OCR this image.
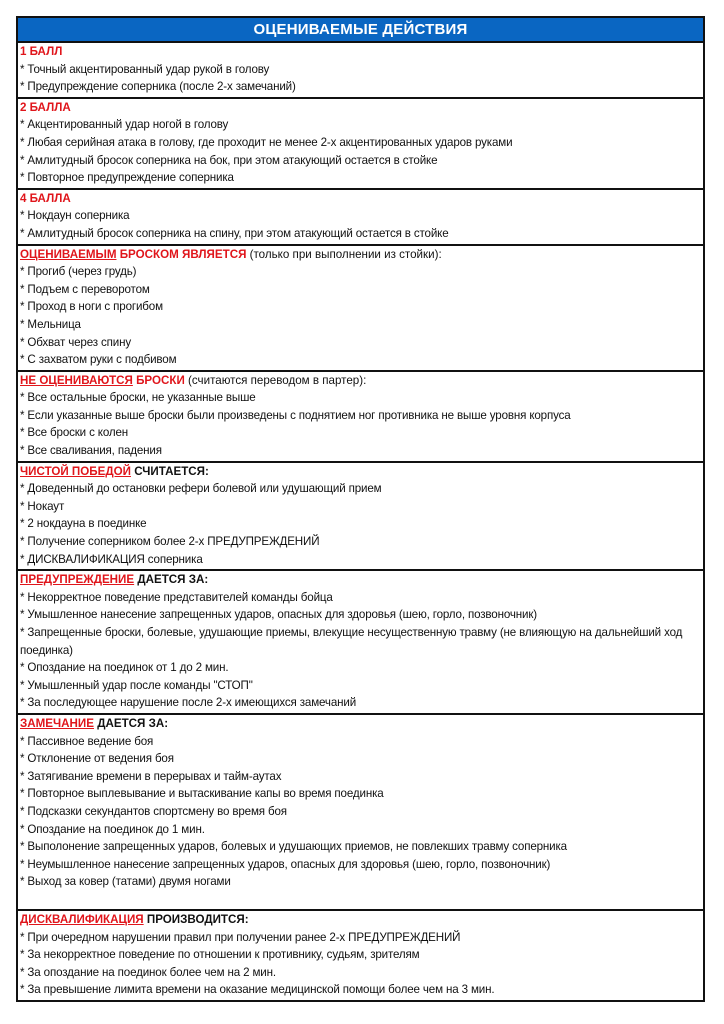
ОЦЕНИВАЕМЫЕ ДЕЙСТВИЯ
1 БАЛЛ
* Точный акцентированный удар рукой в голову
* Предупреждение соперника (после 2-х замечаний)
2 БАЛЛА
* Акцентированный удар ногой в голову
* Любая серийная атака в голову, где проходит не менее 2-х акцентированных ударов руками
* Амлитудный бросок соперника на бок, при этом атакующий остается в стойке
* Повторное предупреждение соперника
4 БАЛЛА
* Нокдаун соперника
* Амлитудный бросок соперника на спину, при этом атакующий остается в стойке
ОЦЕНИВАЕМЫМ БРОСКОМ ЯВЛЯЕТСЯ (только при выполнении из стойки):
* Прогиб (через грудь)
* Подъем с переворотом
* Проход в ноги с прогибом
* Мельница
* Обхват через спину
* С захватом руки с подбивом
НЕ ОЦЕНИВАЮТСЯ БРОСКИ (считаются переводом в партер):
* Все остальные броски, не указанные выше
* Если указанные выше броски были произведены с поднятием ног противника не выше уровня корпуса
* Все броски с колен
* Все сваливания, падения
ЧИСТОЙ ПОБЕДОЙ СЧИТАЕТСЯ:
* Доведенный до остановки рефери болевой или удушающий прием
* Нокаут
* 2 нокдауна в поединке
* Получение соперником более 2-х ПРЕДУПРЕЖДЕНИЙ
* ДИСКВАЛИФИКАЦИЯ соперника
ПРЕДУПРЕЖДЕНИЕ ДАЕТСЯ ЗА:
* Некорректное поведение представителей команды бойца
* Умышленное нанесение запрещенных ударов, опасных для здоровья (шею, горло, позвоночник)
* Запрещенные броски, болевые, удушающие приемы, влекущие несущественную травму (не влияющую на дальнейший ход поединка)
* Опоздание на поединок от 1 до 2 мин.
* Умышленный удар после команды "СТОП"
* За последующее нарушение после 2-х имеющихся замечаний
ЗАМЕЧАНИЕ ДАЕТСЯ ЗА:
* Пассивное ведение боя
* Отклонение от ведения боя
* Затягивание времени в перерывах и тайм-аутах
* Повторное выплевывание и вытаскивание капы во время поединка
* Подсказки секундантов спортсмену во время боя
* Опоздание на поединок до 1 мин.
* Выполонение запрещенных ударов, болевых и удушающих приемов, не повлекших травму соперника
* Неумышленное нанесение запрещенных ударов, опасных для здоровья (шею, горло, позвоночник)
* Выход за ковер (татами) двумя ногами
ДИСКВАЛИФИКАЦИЯ ПРОИЗВОДИТСЯ:
* При очередном нарушении правил при получении ранее 2-х ПРЕДУПРЕЖДЕНИЙ
* За некорректное поведение по отношении к противнику, судьям, зрителям
* За опоздание на поединок более чем на 2 мин.
* За превышение лимита времени на оказание медицинской помощи более чем на 3 мин.
